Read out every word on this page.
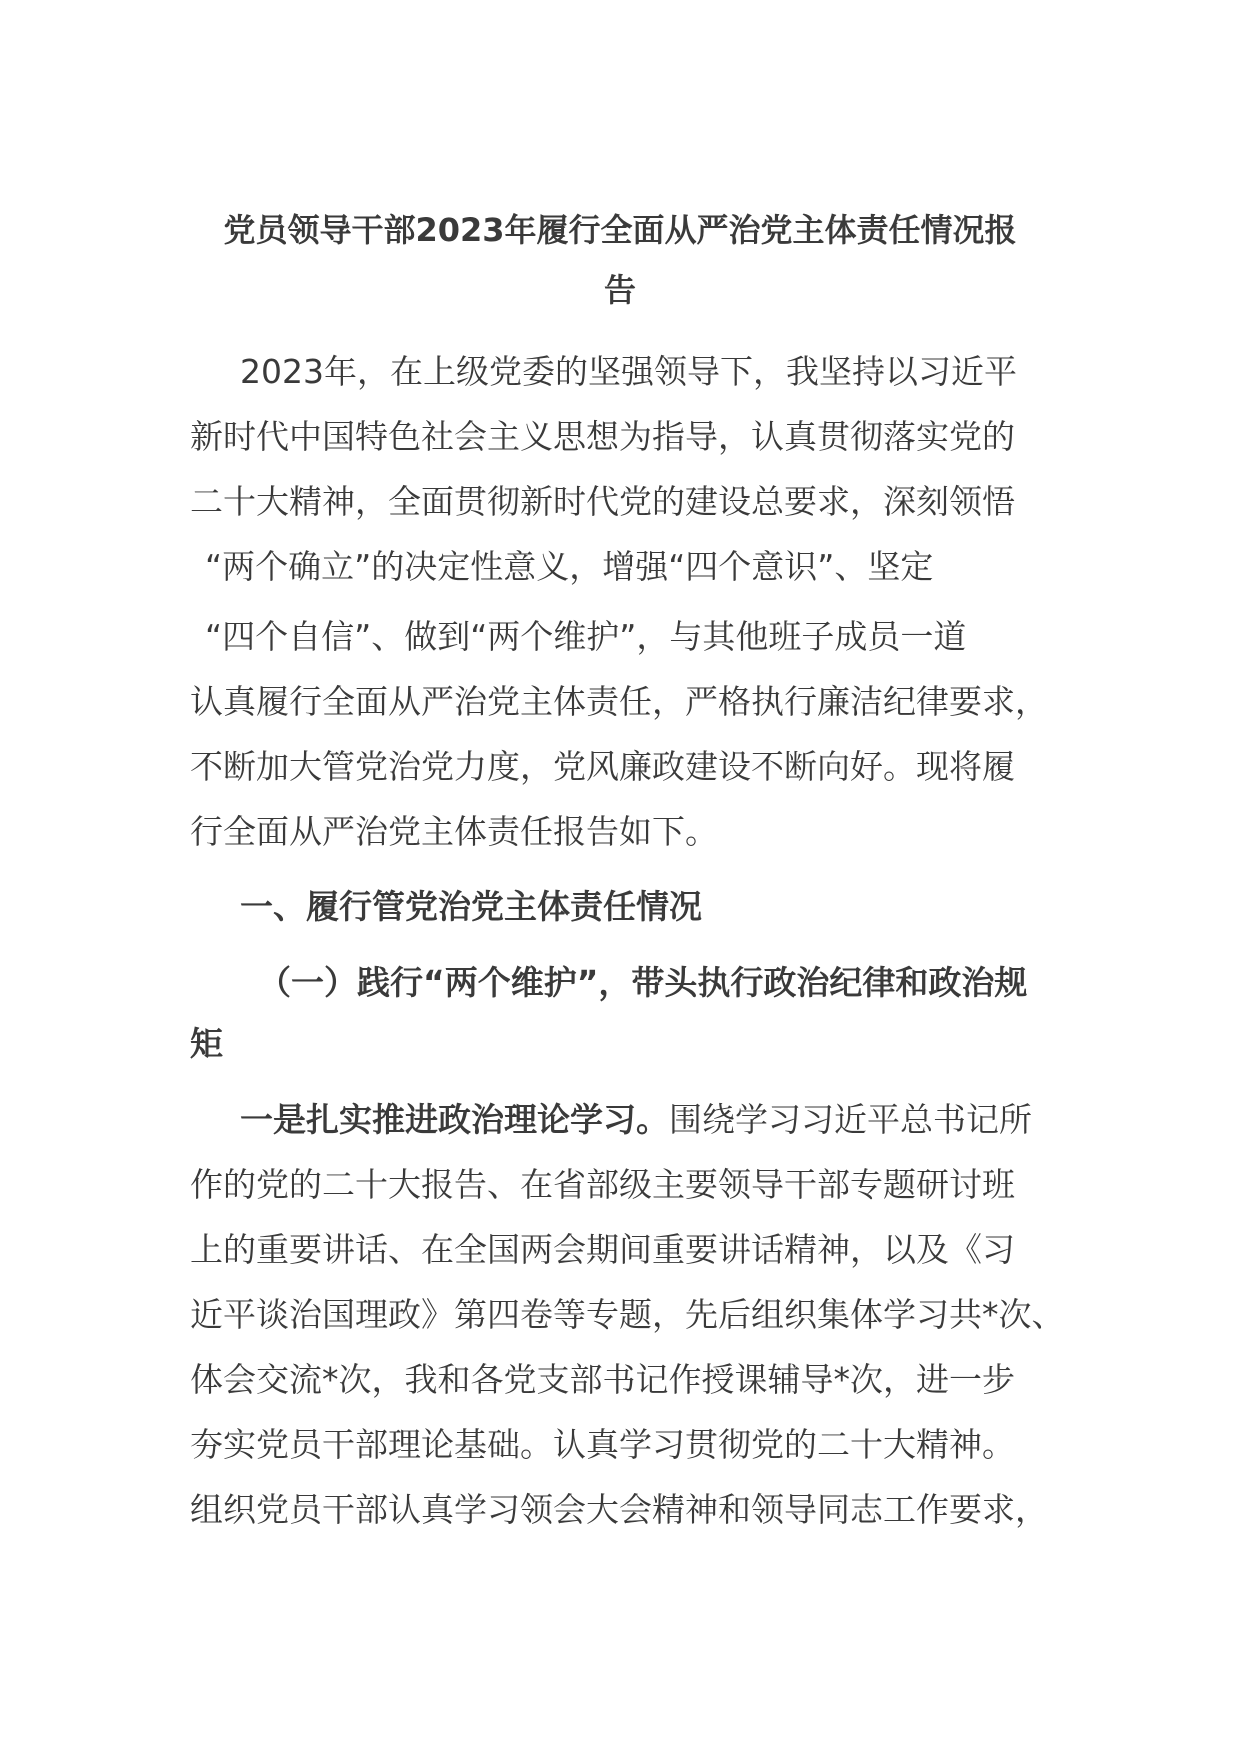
党员领导干部2023年履行全面从严治党主体责任情况报
告
2023年，在上级党委的坚强领导下，我坚持以习近平
新时代中国特色社会主义思想为指导，认真贯彻落实党的
二十大精神，全面贯彻新时代党的建设总要求，深刻领悟
“两个确立”的决定性意义，增强“四个意识”、坚定
“四个自信”、做到“两个维护”，与其他班子成员一道
认真履行全面从严治党主体责任，严格执行廉洁纪律要求，
不断加大管党治党力度，党风廉政建设不断向好。现将履
行全面从严治党主体责任报告如下。
一、履行管党治党主体责任情况
（一）践行“两个维护”，带头执行政治纪律和政治规
矩
一是扎实推进政治理论学习。围绕学习习近平总书记所
作的党的二十大报告、在省部级主要领导干部专题研讨班
上的重要讲话、在全国两会期间重要讲话精神，以及《习
近平谈治国理政》第四卷等专题，先后组织集体学习共*次、
体会交流*次，我和各党支部书记作授课辅导*次，进一步
夯实党员干部理论基础。认真学习贯彻党的二十大精神。
组织党员干部认真学习领会大会精神和领导同志工作要求，
